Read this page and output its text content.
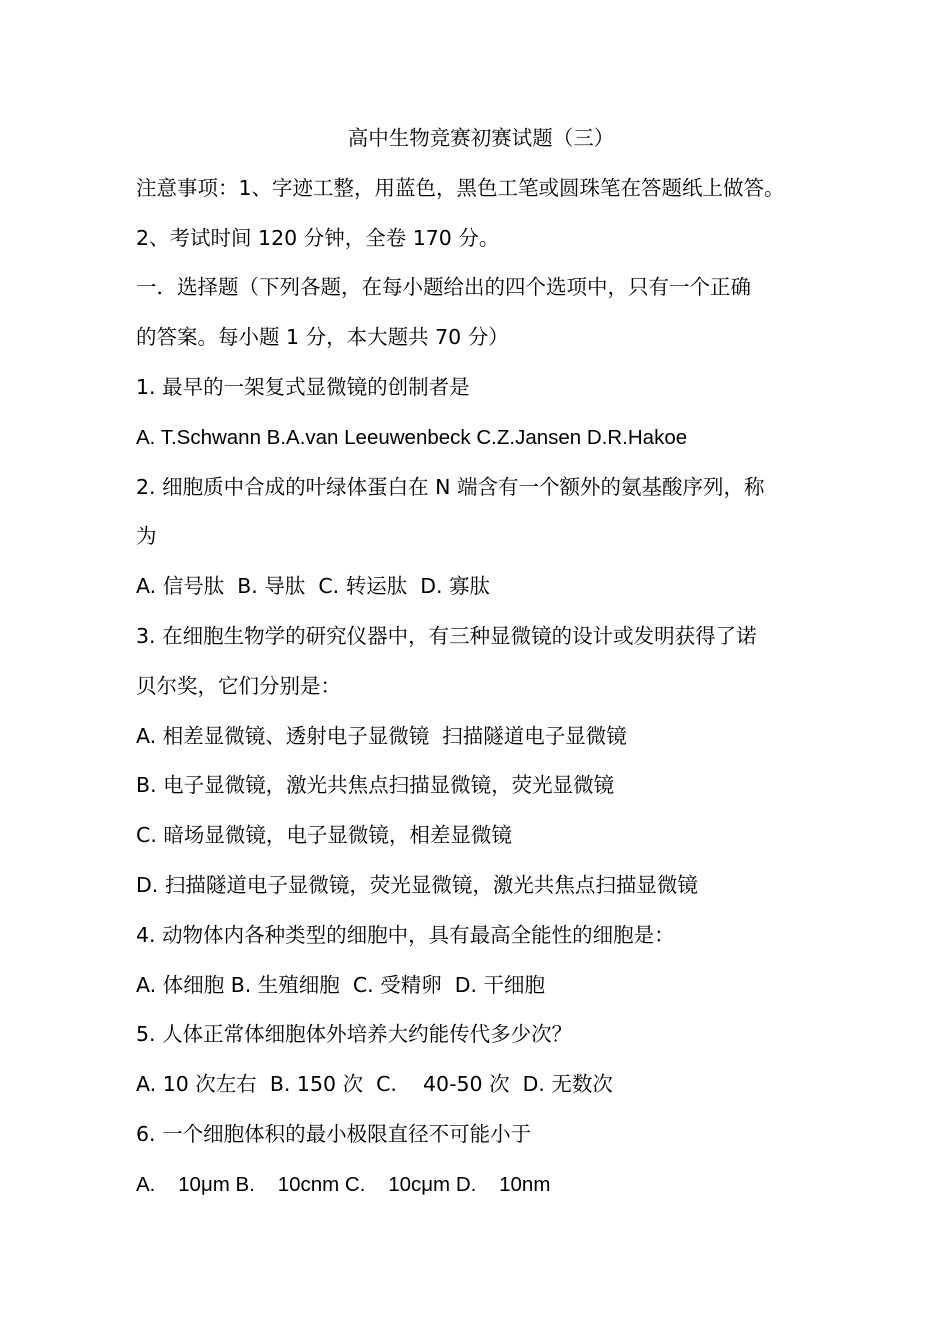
高中生物竞赛初赛试题（三）
注意事项：1、字迹工整，用蓝色，黑色工笔或圆珠笔在答题纸上做答。
2、考试时间 120 分钟，全卷 170 分。
一．选择题（下列各题，在每小题给出的四个选项中，只有一个正确
的答案。每小题 1 分，本大题共 70 分）
1. 最早的一架复式显微镜的创制者是
A. T.Schwann B.A.van Leeuwenbeck C.Z.Jansen D.R.Hakoe
2. 细胞质中合成的叶绿体蛋白在 N 端含有一个额外的氨基酸序列，称
为
A. 信号肽  B. 导肽  C. 转运肽  D. 寡肽
3. 在细胞生物学的研究仪器中，有三种显微镜的设计或发明获得了诺
贝尔奖，它们分别是：
A. 相差显微镜、透射电子显微镜  扫描隧道电子显微镜
B. 电子显微镜，激光共焦点扫描显微镜，荧光显微镜
C. 暗场显微镜，电子显微镜，相差显微镜
D. 扫描隧道电子显微镜，荧光显微镜，激光共焦点扫描显微镜
4. 动物体内各种类型的细胞中，具有最高全能性的细胞是：
A. 体细胞 B. 生殖细胞  C. 受精卵  D. 干细胞
5. 人体正常体细胞体外培养大约能传代多少次？
A. 10 次左右  B. 150 次  C.    40-50 次  D. 无数次
6. 一个细胞体积的最小极限直径不可能小于
A.    10μm B.    10cnm C.    10cμm D.    10nm
